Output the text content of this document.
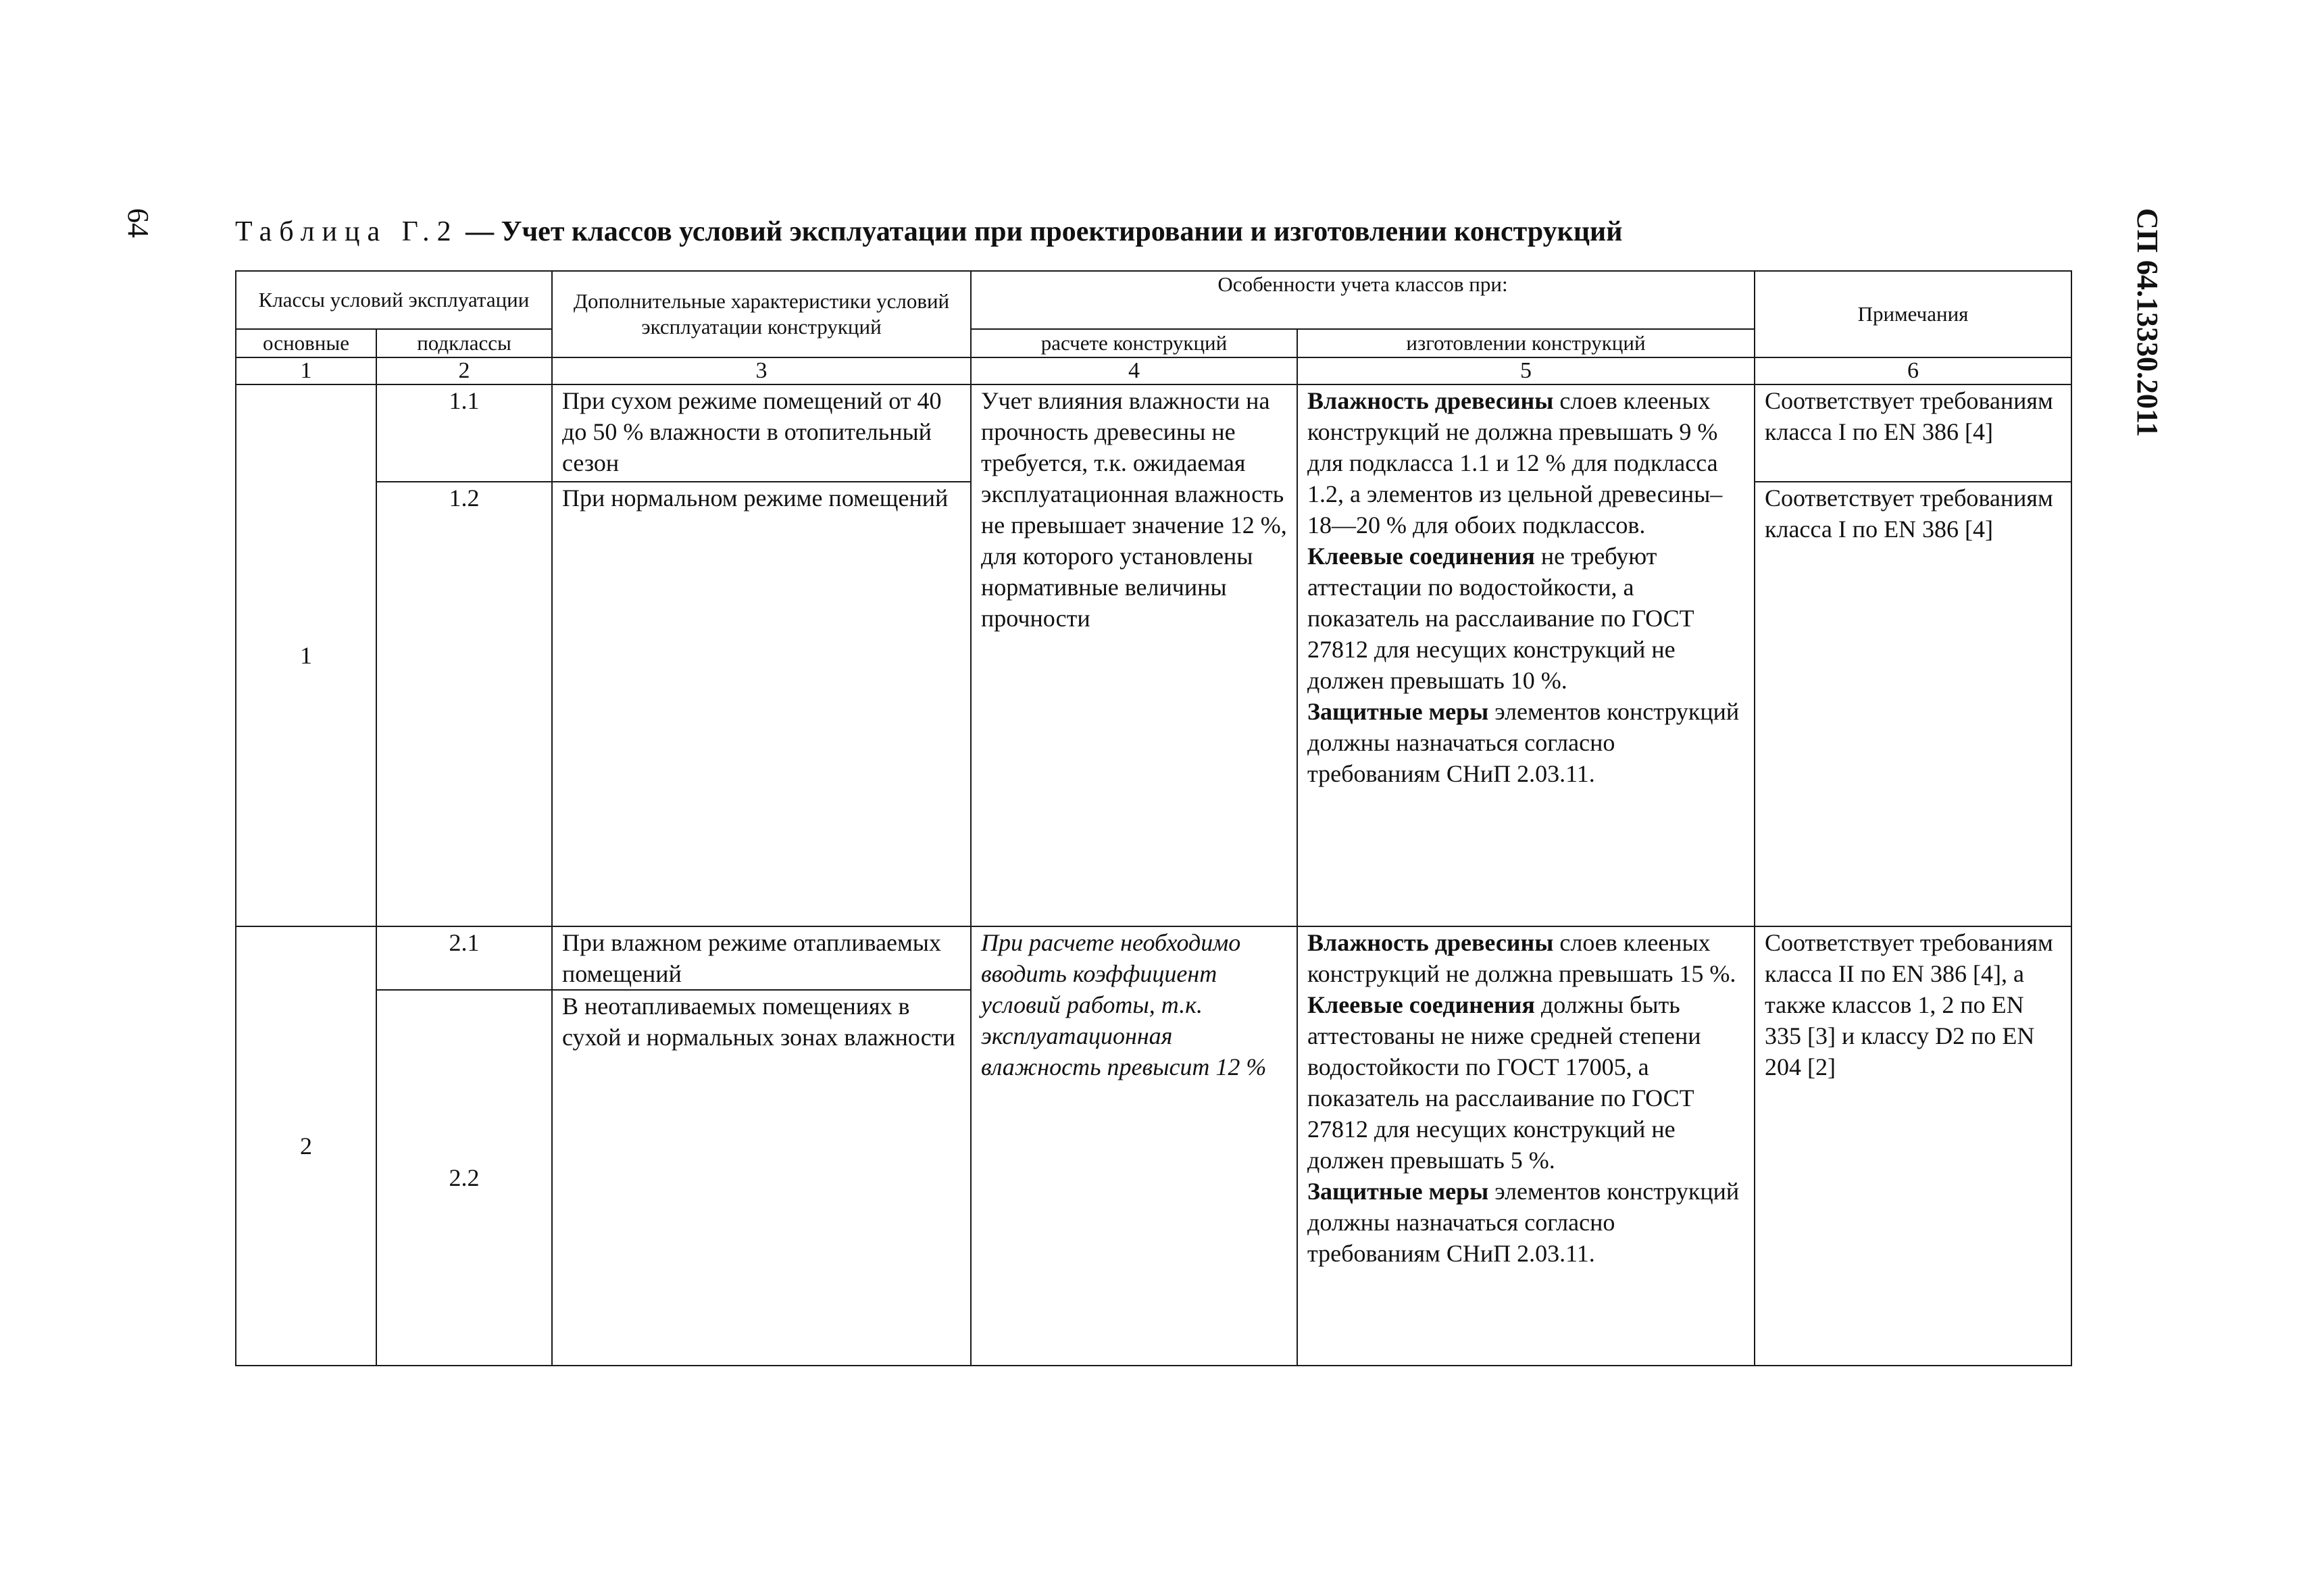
64	СП 64.13330.2011
Таблица Г.2 — Учет классов условий эксплуатации при проектировании и изготовлении конструкций
Классы условий эксплуатации		Дополнительные характеристики условий эксплуатации конструкций	Особенности учета классов при:		Примечания
основные	подклассы		расчете конструкций	изготовлении конструкций	
1	2	3	4	5	6
1	1.1	При сухом режиме помещений от 40 до 50 % влажности в отопительный сезон	Учет влияния влажности на прочность древесины не требуется, т.к. ожидаемая эксплуатационная влажность не превышает значение 12 %, для которого установлены нормативные величины прочности	Влажность древесины слоев клееных конструкций не должна превышать 9 % для подкласса 1.1 и 12 % для подкласса 1.2, а элементов из цельной древесины–18—20 % для обоих подклассов.
Клеевые соединения не требуют аттестации по водостойкости, а показатель на расслаивание по ГОСТ 27812 для несущих конструкций не должен превышать 10 %.
Защитные меры элементов конструкций должны назначаться согласно требованиям СНиП 2.03.11.	Соответствует требованиям класса I по EN 386 [4]
	1.2	При нормальном режиме помещений			Соответствует требованиям класса I по EN 386 [4]
2	2.1	При влажном режиме отапливаемых помещений	При расчете необходимо вводить коэффициент условий работы, т.к. эксплуатационная влажность превысит 12 %	Влажность древесины слоев клееных конструкций не должна превышать 15 %.
Клеевые соединения должны быть аттестованы не ниже средней степени водостойкости по ГОСТ 17005, а показатель на расслаивание по ГОСТ 27812 для несущих конструкций не должен превышать 5 %.
Защитные меры элементов конструкций должны назначаться согласно требованиям СНиП 2.03.11.	Соответствует требованиям класса II по EN 386 [4], а также классов 1, 2 по EN 335 [3] и классу D2 по EN 204 [2]
	2.2	В неотапливаемых помещениях в сухой и нормальных зонах влажности			
